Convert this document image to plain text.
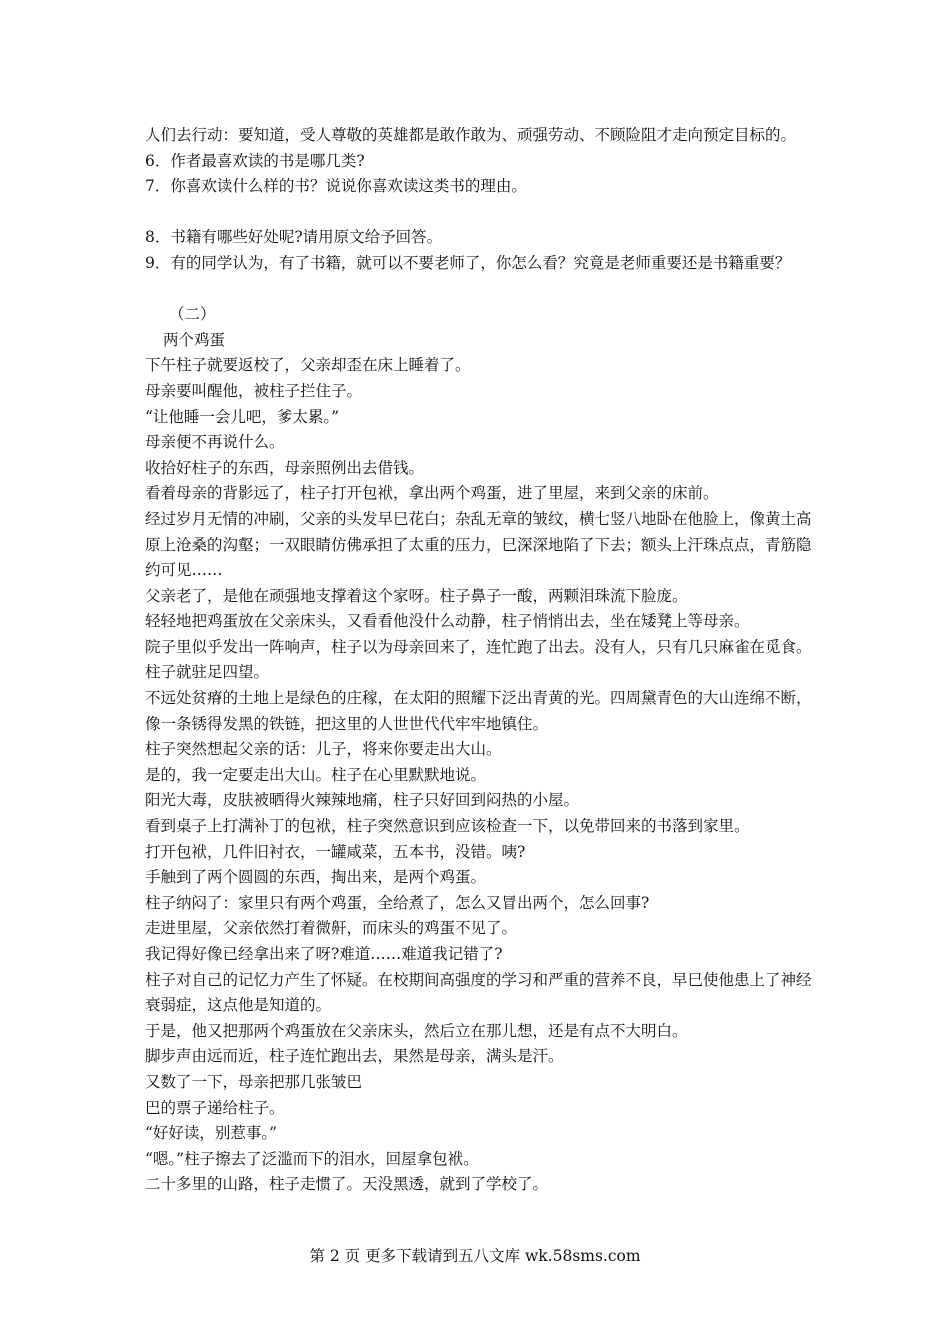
人们去行动：要知道，受人尊敬的英雄都是敢作敢为、顽强劳动、不顾险阻才走向预定目标的。

6．作者最喜欢读的书是哪几类?

7．你喜欢读什么样的书？说说你喜欢读这类书的理由。

8．书籍有哪些好处呢?请用原文给予回答。

9．有的同学认为，有了书籍，就可以不要老师了，你怎么看？究竟是老师重要还是书籍重要？

（二）

两个鸡蛋

下午柱子就要返校了，父亲却歪在床上睡着了。

母亲要叫醒他，被柱子拦住子。

“让他睡一会儿吧，爹太累。”

母亲便不再说什么。

收拾好柱子的东西，母亲照例出去借钱。

看着母亲的背影远了，柱子打开包袱，拿出两个鸡蛋，进了里屋，来到父亲的床前。

经过岁月无情的冲刷，父亲的头发早巳花白；杂乱无章的皱纹，横七竖八地卧在他脸上，像黄土高原上沧桑的沟壑；一双眼睛仿佛承担了太重的压力，巳深深地陷了下去；额头上汗珠点点，青筋隐约可见……

父亲老了，是他在顽强地支撑着这个家呀。柱子鼻子一酸，两颗泪珠流下脸庞。

轻轻地把鸡蛋放在父亲床头，又看看他没什么动静，柱子悄悄出去，坐在矮凳上等母亲。

院子里似乎发出一阵响声，柱子以为母亲回来了，连忙跑了出去。没有人，只有几只麻雀在觅食。柱子就驻足四望。

不远处贫瘠的土地上是绿色的庄稼，在太阳的照耀下泛出青黄的光。四周黛青色的大山连绵不断，像一条锈得发黑的铁链，把这里的人世世代代牢牢地镇住。

柱子突然想起父亲的话：儿子，将来你要走出大山。

是的，我一定要走出大山。柱子在心里默默地说。

阳光大毒，皮肤被晒得火辣辣地痛，柱子只好回到闷热的小屋。

看到桌子上打满补丁的包袱，柱子突然意识到应该检查一下，以免带回来的书落到家里。

打开包袱，几件旧衬衣，一罐咸菜，五本书，没错。咦?

手触到了两个圆圆的东西，掏出来，是两个鸡蛋。

柱子纳闷了：家里只有两个鸡蛋，全给煮了，怎么又冒出两个，怎么回事?

走进里屋，父亲依然打着微鼾，而床头的鸡蛋不见了。

我记得好像已经拿出来了呀?难道……难道我记错了?

柱子对自己的记忆力产生了怀疑。在校期间高强度的学习和严重的营养不良，早巳使他患上了神经衰弱症，这点他是知道的。

于是，他又把那两个鸡蛋放在父亲床头，然后立在那儿想，还是有点不大明白。

脚步声由远而近，柱子连忙跑出去，果然是母亲，满头是汗。

又数了一下，母亲把那几张皱巴

巴的票子递给柱子。

“好好读，别惹事。”

“嗯。”柱子擦去了泛滥而下的泪水，回屋拿包袱。

二十多里的山路，柱子走惯了。天没黑透，就到了学校了。

第 2 页 更多下载请到五八文库 wk.58sms.com
